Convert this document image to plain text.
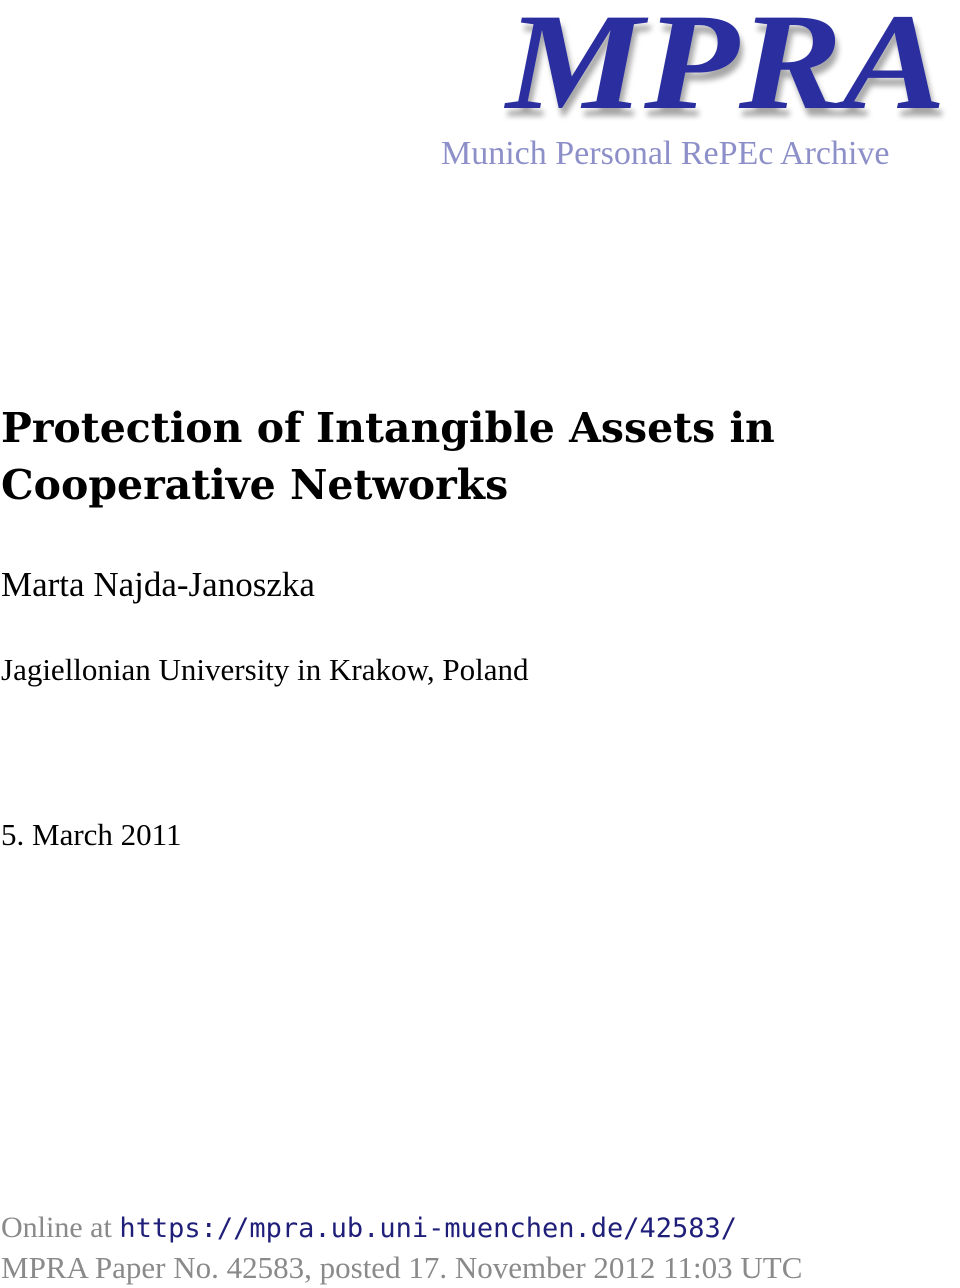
MPRA
Munich Personal RePEc Archive
Protection of Intangible Assets in
Cooperative Networks
Marta Najda-Janoszka
Jagiellonian University in Krakow, Poland
5. March 2011
Online at https://mpra.ub.uni-muenchen.de/42583/
MPRA Paper No. 42583, posted 17. November 2012 11:03 UTC
